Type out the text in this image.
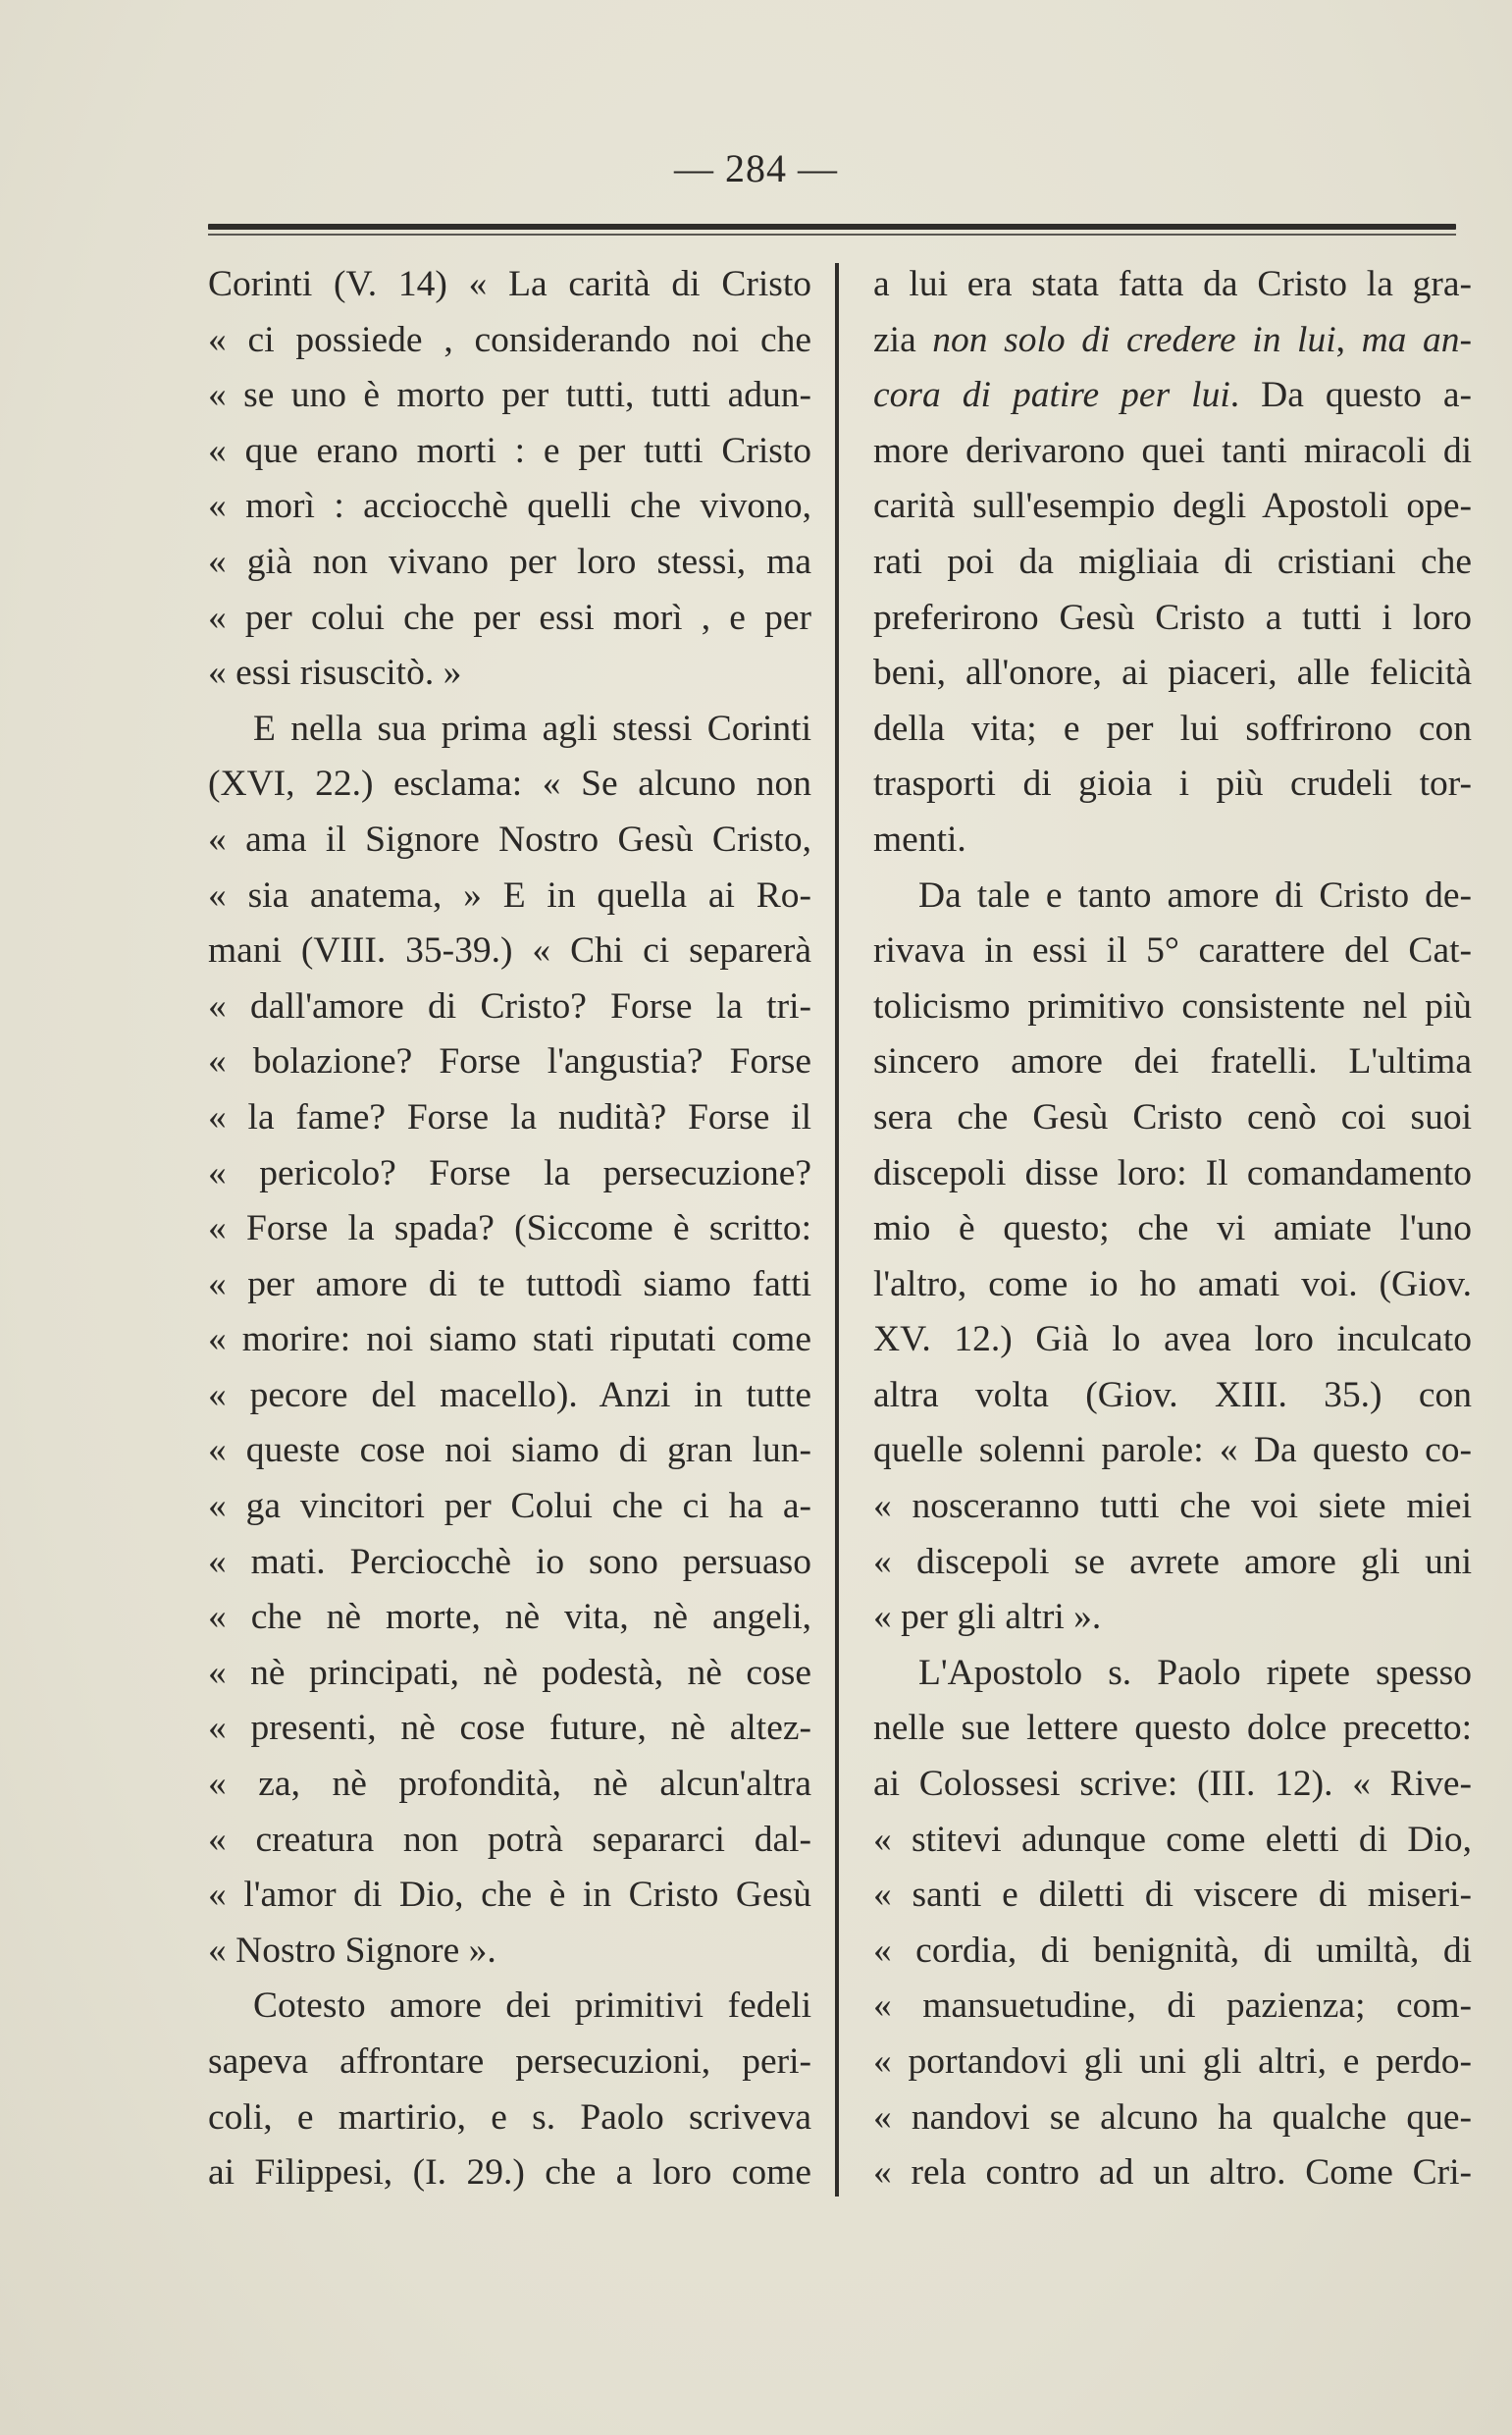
— 284 —
Corinti (V. 14) « La carità di Cristo
« ci possiede , considerando noi che
« se uno è morto per tutti, tutti adun-
« que erano morti : e per tutti Cristo
« morì : acciocchè quelli che vivono,
« già non vivano per loro stessi, ma
« per colui che per essi morì , e per
« essi risuscitò. »
E nella sua prima agli stessi Corinti
(XVI, 22.) esclama: « Se alcuno non
« ama il Signore Nostro Gesù Cristo,
« sia anatema, » E in quella ai Ro-
mani (VIII. 35-39.) « Chi ci separerà
« dall'amore di Cristo? Forse la tri-
« bolazione? Forse l'angustia? Forse
« la fame? Forse la nudità? Forse il
« pericolo? Forse la persecuzione?
« Forse la spada? (Siccome è scritto:
« per amore di te tuttodì siamo fatti
« morire: noi siamo stati riputati come
« pecore del macello). Anzi in tutte
« queste cose noi siamo di gran lun-
« ga vincitori per Colui che ci ha a-
« mati. Perciocchè io sono persuaso
« che nè morte, nè vita, nè angeli,
« nè principati, nè podestà, nè cose
« presenti, nè cose future, nè altez-
« za, nè profondità, nè alcun'altra
« creatura non potrà separarci dal-
« l'amor di Dio, che è in Cristo Gesù
« Nostro Signore ».
Cotesto amore dei primitivi fedeli
sapeva affrontare persecuzioni, peri-
coli, e martirio, e s. Paolo scriveva
ai Filippesi, (I. 29.) che a loro come
a lui era stata fatta da Cristo la gra-
zia non solo di credere in lui, ma an-
cora di patire per lui. Da questo a-
more derivarono quei tanti miracoli di
carità sull'esempio degli Apostoli ope-
rati poi da migliaia di cristiani che
preferirono Gesù Cristo a tutti i loro
beni, all'onore, ai piaceri, alle felicità
della vita; e per lui soffrirono con
trasporti di gioia i più crudeli tor-
menti.
Da tale e tanto amore di Cristo de-
rivava in essi il 5° carattere del Cat-
tolicismo primitivo consistente nel più
sincero amore dei fratelli. L'ultima
sera che Gesù Cristo cenò coi suoi
discepoli disse loro: Il comandamento
mio è questo; che vi amiate l'uno
l'altro, come io ho amati voi. (Giov.
XV. 12.) Già lo avea loro inculcato
altra volta (Giov. XIII. 35.) con
quelle solenni parole: « Da questo co-
« nosceranno tutti che voi siete miei
« discepoli se avrete amore gli uni
« per gli altri ».
L'Apostolo s. Paolo ripete spesso
nelle sue lettere questo dolce precetto:
ai Colossesi scrive: (III. 12). « Rive-
« stitevi adunque come eletti di Dio,
« santi e diletti di viscere di miseri-
« cordia, di benignità, di umiltà, di
« mansuetudine, di pazienza; com-
« portandovi gli uni gli altri, e perdo-
« nandovi se alcuno ha qualche que-
« rela contro ad un altro. Come Cri-
